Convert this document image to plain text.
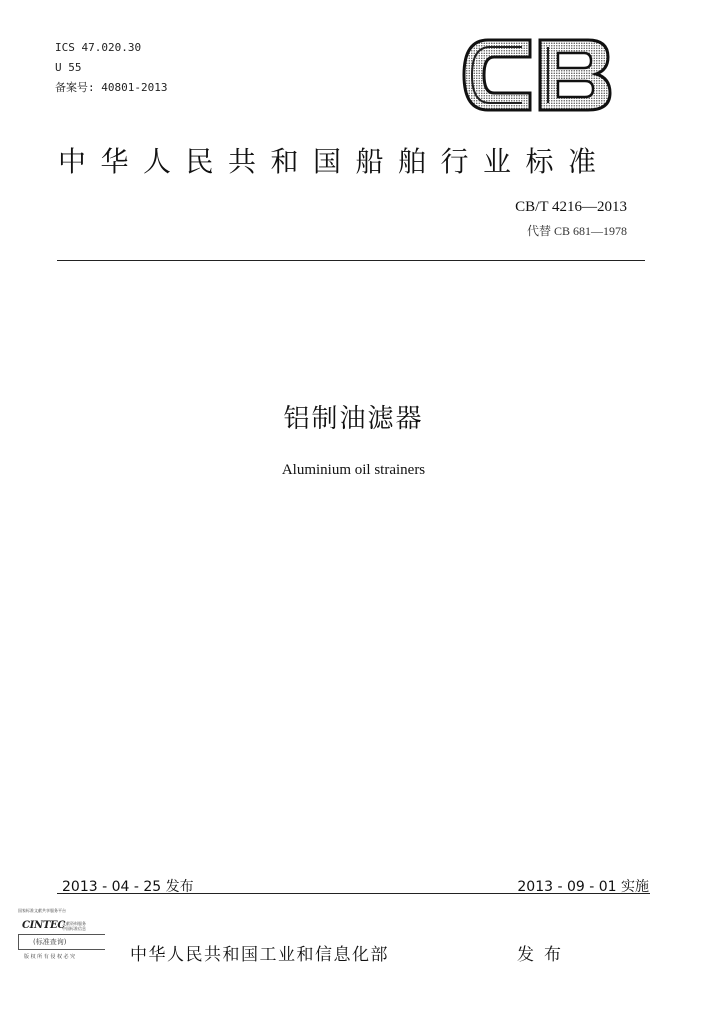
ICS 47.020.30
U 55
备案号: 40801-2013
中华人民共和国船舶行业标准
CB/T 4216—2013
代替 CB 681—1978
铝制油滤器
Aluminium oil strainers
2013 - 04 - 25 发布	2013 - 09 - 01 实施
国家标准文献共享服务平台
CINTEC
文献资料服务
中国标准信息
(标准查询)
版 权 所 有 侵 权 必 究	中华人民共和国工业和信息化部	发布
